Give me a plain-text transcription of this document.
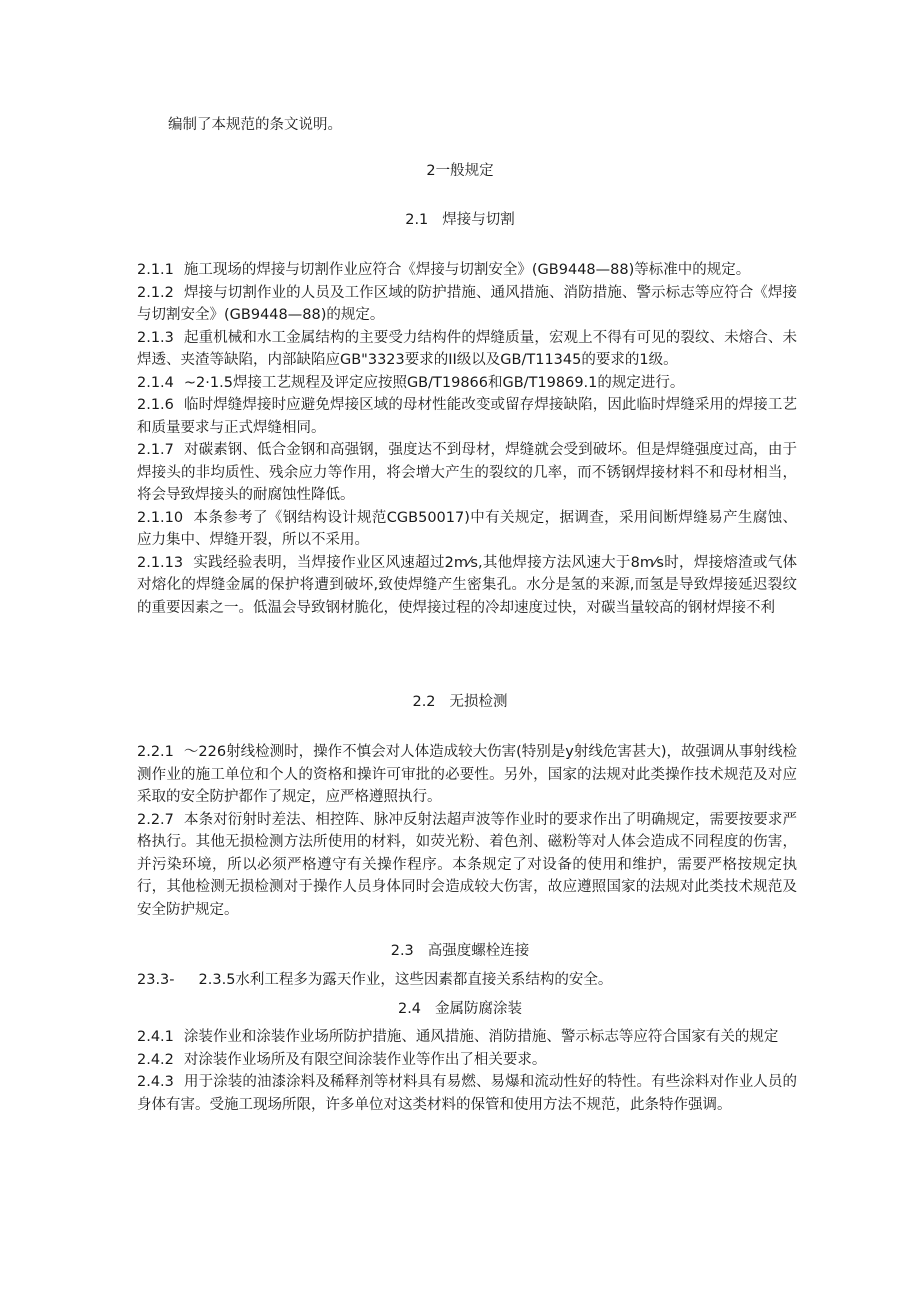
编制了本规范的条文说明。
2一般规定
2.1 焊接与切割

2.1.1 施工现场的焊接与切割作业应符合《焊接与切割安全》(GB9448—88)等标准中的规定。

2.1.2 焊接与切割作业的人员及工作区域的防护措施、通风措施、消防措施、警示标志等应符合《焊接与切割安全》(GB9448—88)的规定。

2.1.3 起重机械和水工金属结构的主要受力结构件的焊缝质量，宏观上不得有可见的裂纹、未熔合、未焊透、夹渣等缺陷，内部缺陷应GB"3323要求的II级以及GB/T11345的要求的1级。

2.1.4 ~2·1.5焊接工艺规程及评定应按照GB/T19866和GB/T19869.1的规定进行。

2.1.6 临时焊缝焊接时应避免焊接区域的母材性能改变或留存焊接缺陷，因此临时焊缝采用的焊接工艺和质量要求与正式焊缝相同。

2.1.7 对碳素钢、低合金钢和高强钢，强度达不到母材，焊缝就会受到破坏。但是焊缝强度过高，由于焊接头的非均质性、残余应力等作用，将会增大产生的裂纹的几率，而不锈钢焊接材料不和母材相当，将会导致焊接头的耐腐蚀性降低。

2.1.10 本条参考了《钢结构设计规范CGB50017)中有关规定，据调查，采用间断焊缝易产生腐蚀、应力集中、焊缝开裂，所以不采用。

2.1.13 实践经验表明，当焊接作业区风速超过2m⁄s,其他焊接方法风速大于8m⁄s时，焊接熔渣或气体对熔化的焊缝金属的保护将遭到破坏,致使焊缝产生密集孔。水分是氢的来源,而氢是导致焊接延迟裂纹的重要因素之一。低温会导致钢材脆化，使焊接过程的冷却速度过快，对碳当量较高的钢材焊接不利

2.2 无损检测

2.2.1 ～226射线检测时，操作不慎会对人体造成较大伤害(特别是y射线危害甚大)，故强调从事射线检测作业的施工单位和个人的资格和操许可审批的必要性。另外，国家的法规对此类操作技术规范及对应采取的安全防护都作了规定，应严格遵照执行。

2.2.7 本条对衍射时差法、相控阵、脉冲反射法超声波等作业时的要求作出了明确规定，需要按要求严格执行。其他无损检测方法所使用的材料，如荧光粉、着色剂、磁粉等对人体会造成不同程度的伤害，并污染环境，所以必须严格遵守有关操作程序。本条规定了对设备的使用和维护，需要严格按规定执行，其他检测无损检测对于操作人员身体同时会造成较大伤害，故应遵照国家的法规对此类技术规范及安全防护规定。

2.3 高强度螺栓连接

23.3- 2.3.5水利工程多为露天作业，这些因素都直接关系结构的安全。

2.4 金属防腐涂装

2.4.1 涂装作业和涂装作业场所防护措施、通风措施、消防措施、警示标志等应符合国家有关的规定

2.4.2 对涂装作业场所及有限空间涂装作业等作出了相关要求。

2.4.3 用于涂装的油漆涂料及稀释剂等材料具有易燃、易爆和流动性好的特性。有些涂料对作业人员的身体有害。受施工现场所限，许多单位对这类材料的保管和使用方法不规范，此条特作强调。
